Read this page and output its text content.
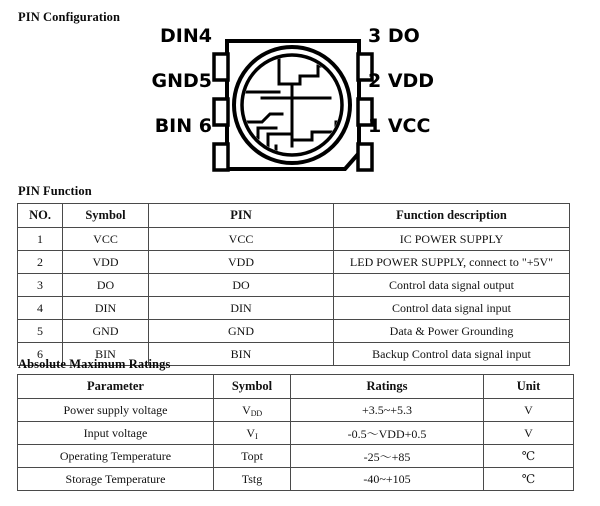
PIN Configuration
DIN4
GND5
BIN 6
3 DO
2 VDD
1 VCC
PIN Function
NO.	Symbol	PIN	Function description
1	VCC	VCC	IC POWER SUPPLY
2	VDD	VDD	LED POWER SUPPLY, connect to "+5V"
3	DO	DO	Control data signal output
4	DIN	DIN	Control data signal input
5	GND	GND	Data & Power Grounding
6	BIN	BIN	Backup Control data signal input
Absolute Maximum Ratings
Parameter	Symbol	Ratings	Unit
Power supply voltage	$V_{DD}$	+3.5~+5.3	V
Input voltage	$V_I$	-0.5〜VDD+0.5	V
Operating Temperature	Topt	-25〜+85	℃
Storage Temperature	Tstg	-40~+105	℃
